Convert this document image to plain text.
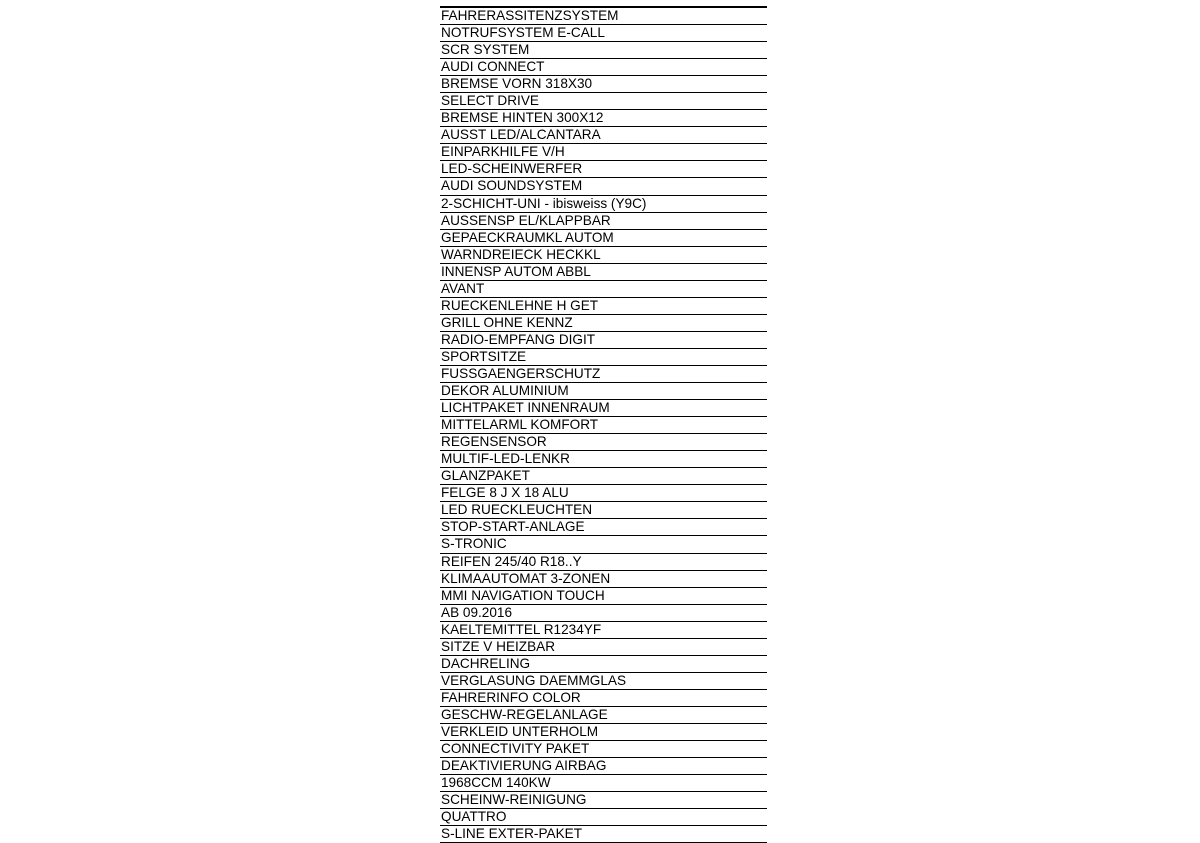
FAHRERASSITENZSYSTEM
NOTRUFSYSTEM E-CALL
SCR SYSTEM
AUDI CONNECT
BREMSE VORN 318X30
SELECT DRIVE
BREMSE HINTEN 300X12
AUSST LED/ALCANTARA
EINPARKHILFE V/H
LED-SCHEINWERFER
AUDI SOUNDSYSTEM
2-SCHICHT-UNI - ibisweiss (Y9C)
AUSSENSP EL/KLAPPBAR
GEPAECKRAUMKL AUTOM
WARNDREIECK HECKKL
INNENSP AUTOM ABBL
AVANT
RUECKENLEHNE H GET
GRILL OHNE KENNZ
RADIO-EMPFANG DIGIT
SPORTSITZE
FUSSGAENGERSCHUTZ
DEKOR ALUMINIUM
LICHTPAKET INNENRAUM
MITTELARML KOMFORT
REGENSENSOR
MULTIF-LED-LENKR
GLANZPAKET
FELGE 8 J X 18 ALU
LED RUECKLEUCHTEN
STOP-START-ANLAGE
S-TRONIC
REIFEN 245/40 R18..Y
KLIMAAUTOMAT 3-ZONEN
MMI NAVIGATION TOUCH
AB 09.2016
KAELTEMITTEL R1234YF
SITZE V HEIZBAR
DACHRELING
VERGLASUNG DAEMMGLAS
FAHRERINFO COLOR
GESCHW-REGELANLAGE
VERKLEID UNTERHOLM
CONNECTIVITY PAKET
DEAKTIVIERUNG AIRBAG
1968CCM 140KW
SCHEINW-REINIGUNG
QUATTRO
S-LINE EXTER-PAKET
